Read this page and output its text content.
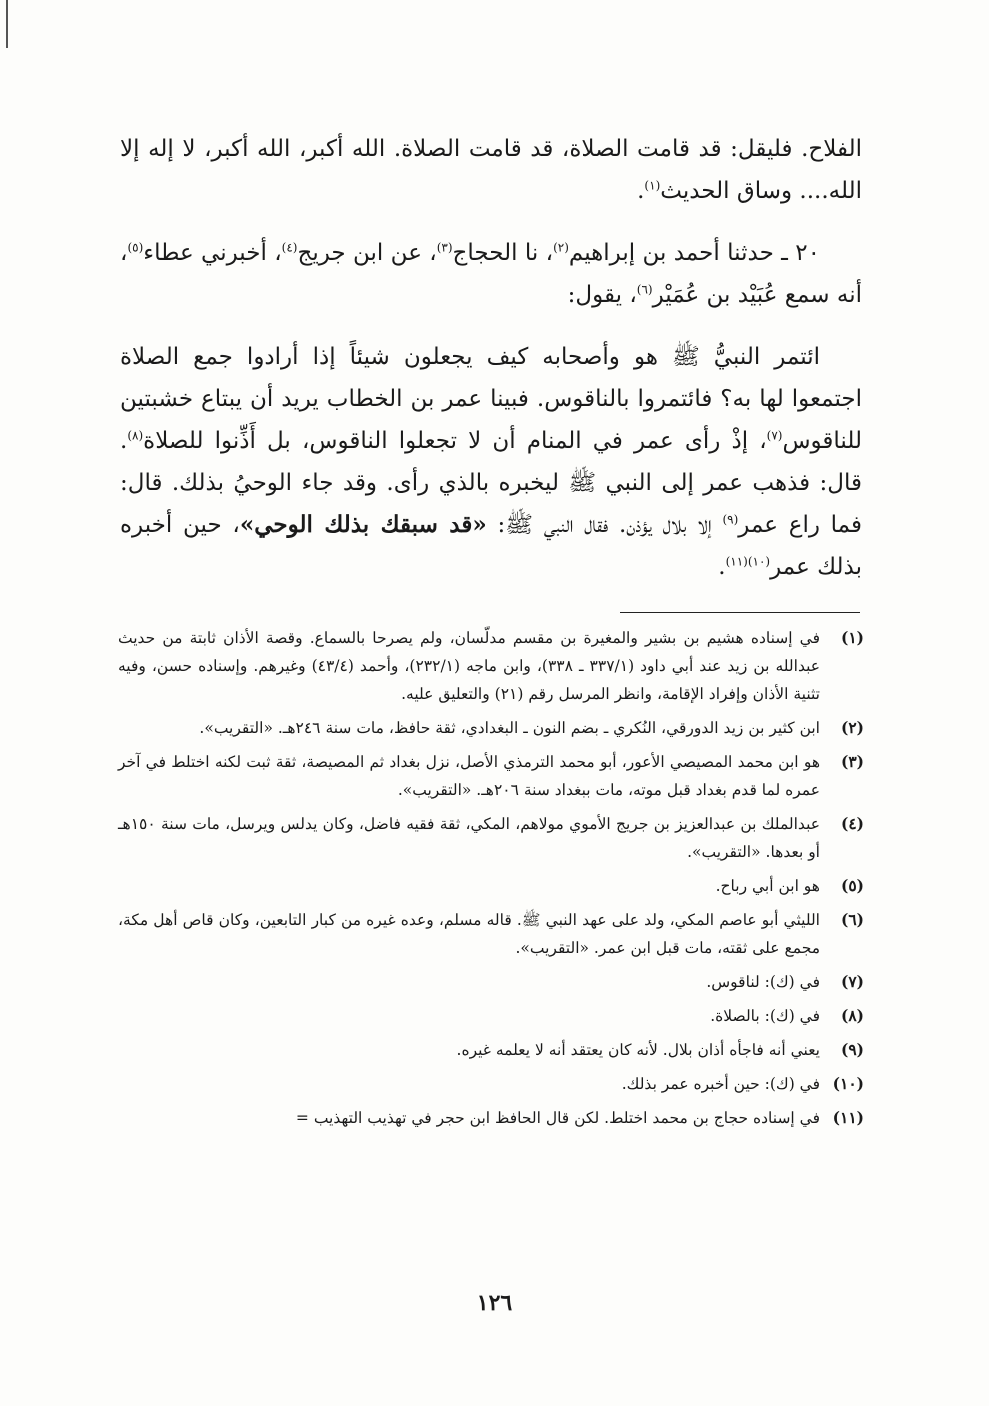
الفلاح. فليقل: قد قامت الصلاة، قد قامت الصلاة. الله أكبر، الله أكبر، لا إله إلا الله.... وساق الحديث$^{(١)}$.

٢٠ ـ حدثنا أحمد بن إبراهيم$^{(٢)}$، نا الحجاج$^{(٣)}$، عن ابن جريج$^{(٤)}$، أخبرني عطاء$^{(٥)}$، أنه سمع عُبَيْد بن عُمَيْر$^{(٦)}$، يقول:

ائتمر النبيُّ ﷺ هو وأصحابه كيف يجعلون شيئاً إذا أرادوا جمع الصلاة اجتمعوا لها به؟ فائتمروا بالناقوس. فبينا عمر بن الخطاب يريد أن يبتاع خشبتين للناقوس$^{(٧)}$، إذْ رأى عمر في المنام أن لا تجعلوا الناقوس، بل أَذِّنوا للصلاة$^{(٨)}$. قال: فذهب عمر إلى النبي ﷺ ليخبره بالذي رأى. وقد جاء الوحيُ بذلك. قال: فما راع عمر$^{(٩)}$ إلا بلال يؤذن. فقال النبي ﷺ: «قد سبقك بذلك الوحي»، حين أخبره بذلك عمر$^{(١٠)(١١)}$.

(١)
في إسناده هشيم بن بشير والمغيرة بن مقسم مدلّسان، ولم يصرحا بالسماع. وقصة الأذان ثابتة من حديث عبدالله بن زيد عند أبي داود (٣٣٧/١ ـ ٣٣٨)، وابن ماجه (٢٣٢/١)، وأحمد (٤٣/٤) وغيرهم. وإسناده حسن، وفيه تثنية الأذان وإفراد الإقامة، وانظر المرسل رقم (٢١) والتعليق عليه.
(٢)
ابن كثير بن زيد الدورقي، النُكري ـ بضم النون ـ البغدادي، ثقة حافظ، مات سنة ٢٤٦هـ. «التقريب».
(٣)
هو ابن محمد المصيصي الأعور، أبو محمد الترمذي الأصل، نزل بغداد ثم المصيصة، ثقة ثبت لكنه اختلط في آخر عمره لما قدم بغداد قبل موته، مات ببغداد سنة ٢٠٦هـ. «التقريب».
(٤)
عبدالملك بن عبدالعزيز بن جريج الأموي مولاهم، المكي، ثقة فقيه فاضل، وكان يدلس ويرسل، مات سنة ١٥٠هـ أو بعدها. «التقريب».
(٥)
هو ابن أبي رباح.
(٦)
الليثي أبو عاصم المكي، ولد على عهد النبي ﷺ. قاله مسلم، وعده غيره من كبار التابعين، وكان قاص أهل مكة، مجمع على ثقته، مات قبل ابن عمر. «التقريب».
(٧)
في (ك): لناقوس.
(٨)
في (ك): بالصلاة.
(٩)
يعني أنه فاجأه أذان بلال. لأنه كان يعتقد أنه لا يعلمه غيره.
(١٠)
في (ك): حين أخبره عمر بذلك.
(١١)
في إسناده حجاج بن محمد اختلط. لكن قال الحافظ ابن حجر في تهذيب التهذيب =
١٢٦
